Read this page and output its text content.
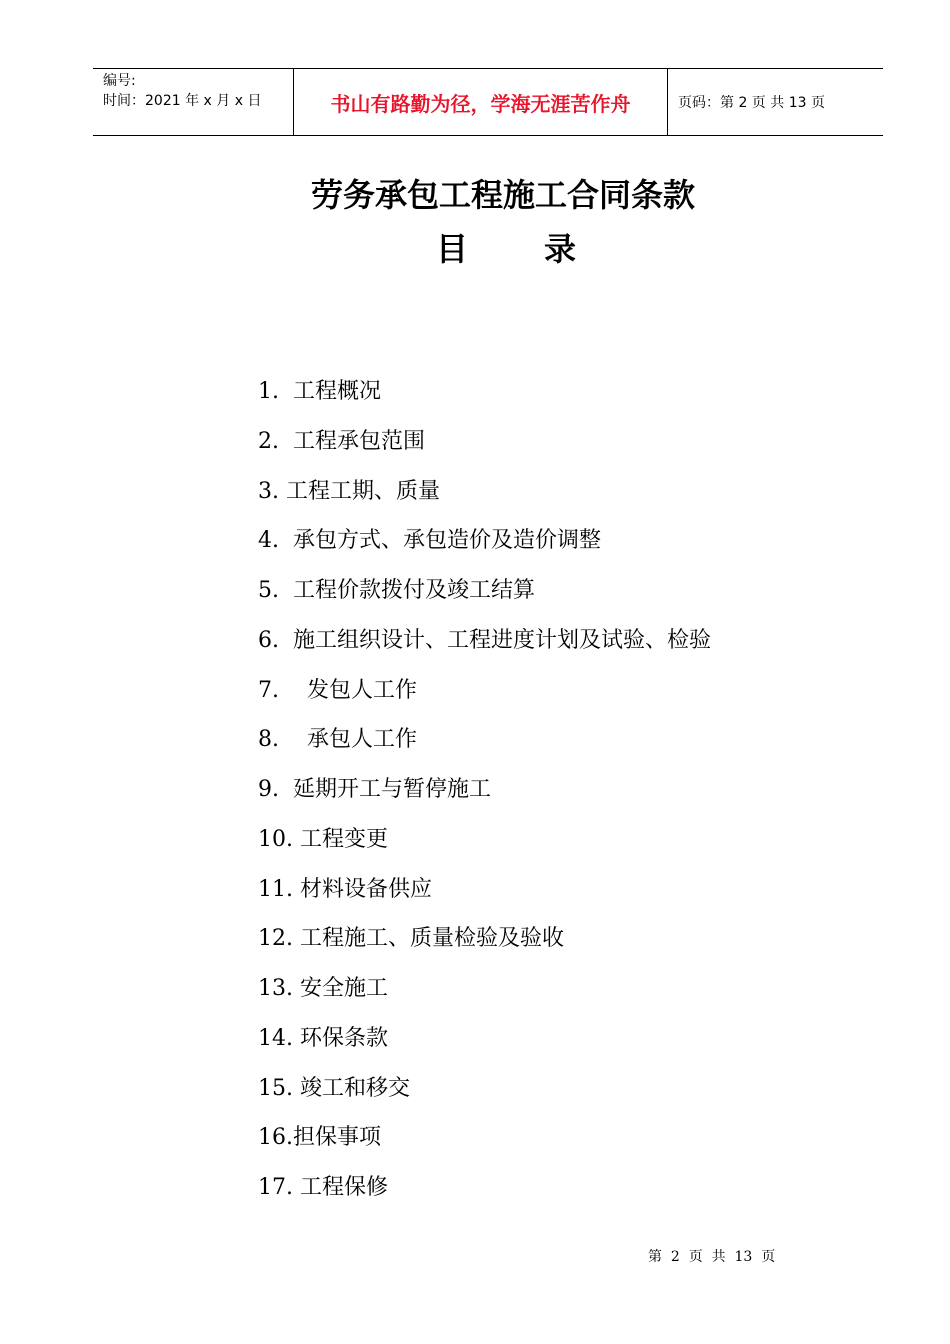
编号:
时间：2021 年 x 月 x 日	书山有路勤为径，学海无涯苦作舟	页码：第 2 页 共 13 页
劳务承包工程施工合同条款
目 录
1.  工程概况
2.  工程承包范围
3. 工程工期、质量
4.  承包方式、承包造价及造价调整
5.  工程价款拨付及竣工结算
6.  施工组织设计、工程进度计划及试验、检验
7.    发包人工作
8.    承包人工作
9.  延期开工与暂停施工
10. 工程变更
11. 材料设备供应
12. 工程施工、质量检验及验收
13. 安全施工
14. 环保条款
15. 竣工和移交
16.担保事项
17. 工程保修
第  2  页  共  13  页
